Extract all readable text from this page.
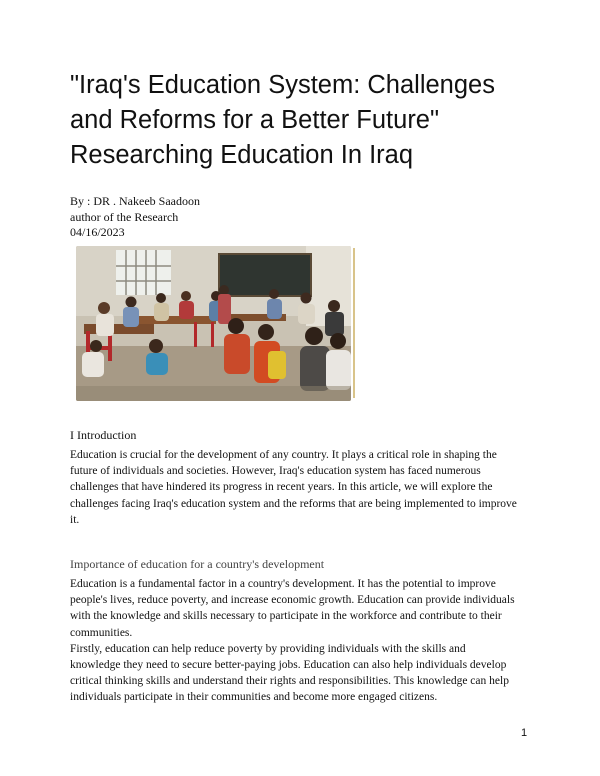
"Iraq's Education System: Challenges
and Reforms for a Better Future"
Researching Education In Iraq
By : DR . Nakeeb Saadoon
author of the Research
04/16/2023
I Introduction

Education is crucial for the development of any country. It plays a critical role in shaping the
future of individuals and societies. However, Iraq's education system has faced numerous
challenges that have hindered its progress in recent years. In this article, we will explore the
challenges facing Iraq's education system and the reforms that are being implemented to improve
it.

Importance of education for a country's development

Education is a fundamental factor in a country's development. It has the potential to improve
people's lives, reduce poverty, and increase economic growth. Education can provide individuals
with the knowledge and skills necessary to participate in the workforce and contribute to their
communities.
Firstly, education can help reduce poverty by providing individuals with the skills and
knowledge they need to secure better-paying jobs. Education can also help individuals develop
critical thinking skills and understand their rights and responsibilities. This knowledge can help
individuals participate in their communities and become more engaged citizens.

1
